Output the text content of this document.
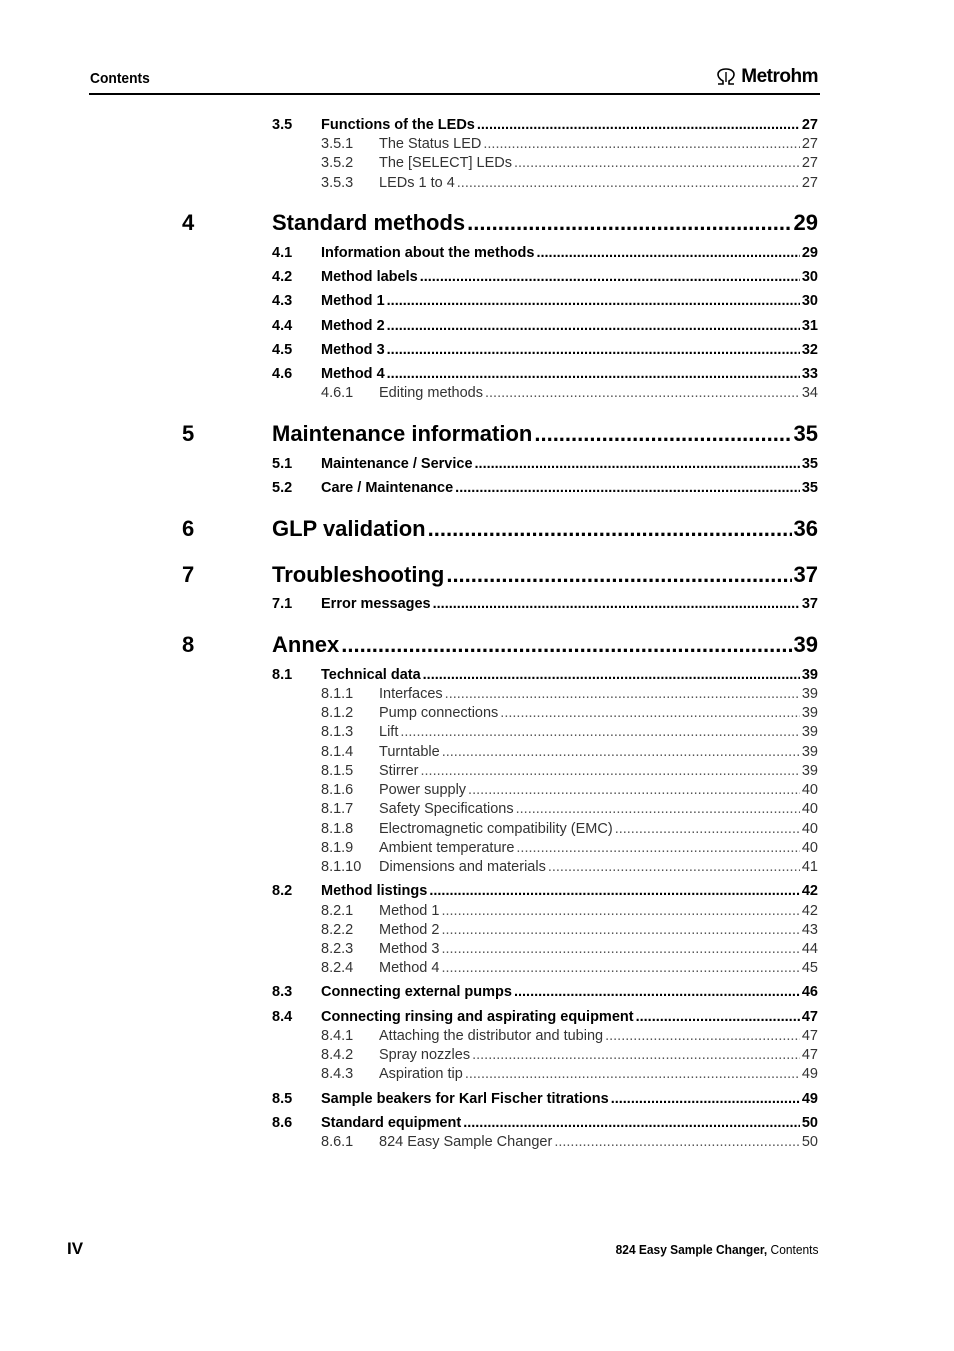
Contents	Metrohm
3.5 Functions of the LEDs .....	27
3.5.1 The Status LED .....	27
3.5.2 The [SELECT] LEDs .....	27
3.5.3 LEDs 1 to 4 .....	27
4	Standard methods .....	29
4.1 Information about the methods .....	29
4.2 Method labels .....	30
4.3 Method 1 .....	30
4.4 Method 2 .....	31
4.5 Method 3 .....	32
4.6 Method 4 .....	33
4.6.1 Editing methods .....	34
5	Maintenance information .....	35
5.1 Maintenance / Service .....	35
5.2 Care / Maintenance .....	35
6	GLP validation .....	36
7	Troubleshooting .....	37
7.1 Error messages .....	37
8	Annex .....	39
8.1 Technical data .....	39
8.1.1 Interfaces .....	39
8.1.2 Pump connections .....	39
8.1.3 Lift .....	39
8.1.4 Turntable .....	39
8.1.5 Stirrer .....	39
8.1.6 Power supply .....	40
8.1.7 Safety Specifications .....	40
8.1.8 Electromagnetic compatibility (EMC) .....	40
8.1.9 Ambient temperature .....	40
8.1.10 Dimensions and materials .....	41
8.2 Method listings .....	42
8.2.1 Method 1 .....	42
8.2.2 Method 2 .....	43
8.2.3 Method 3 .....	44
8.2.4 Method 4 .....	45
8.3 Connecting external pumps .....	46
8.4 Connecting rinsing and aspirating equipment .....	47
8.4.1 Attaching the distributor and tubing .....	47
8.4.2 Spray nozzles .....	47
8.4.3 Aspiration tip .....	49
8.5 Sample beakers for Karl Fischer titrations .....	49
8.6 Standard equipment .....	50
8.6.1 824 Easy Sample Changer .....	50
IV	824 Easy Sample Changer, Contents
